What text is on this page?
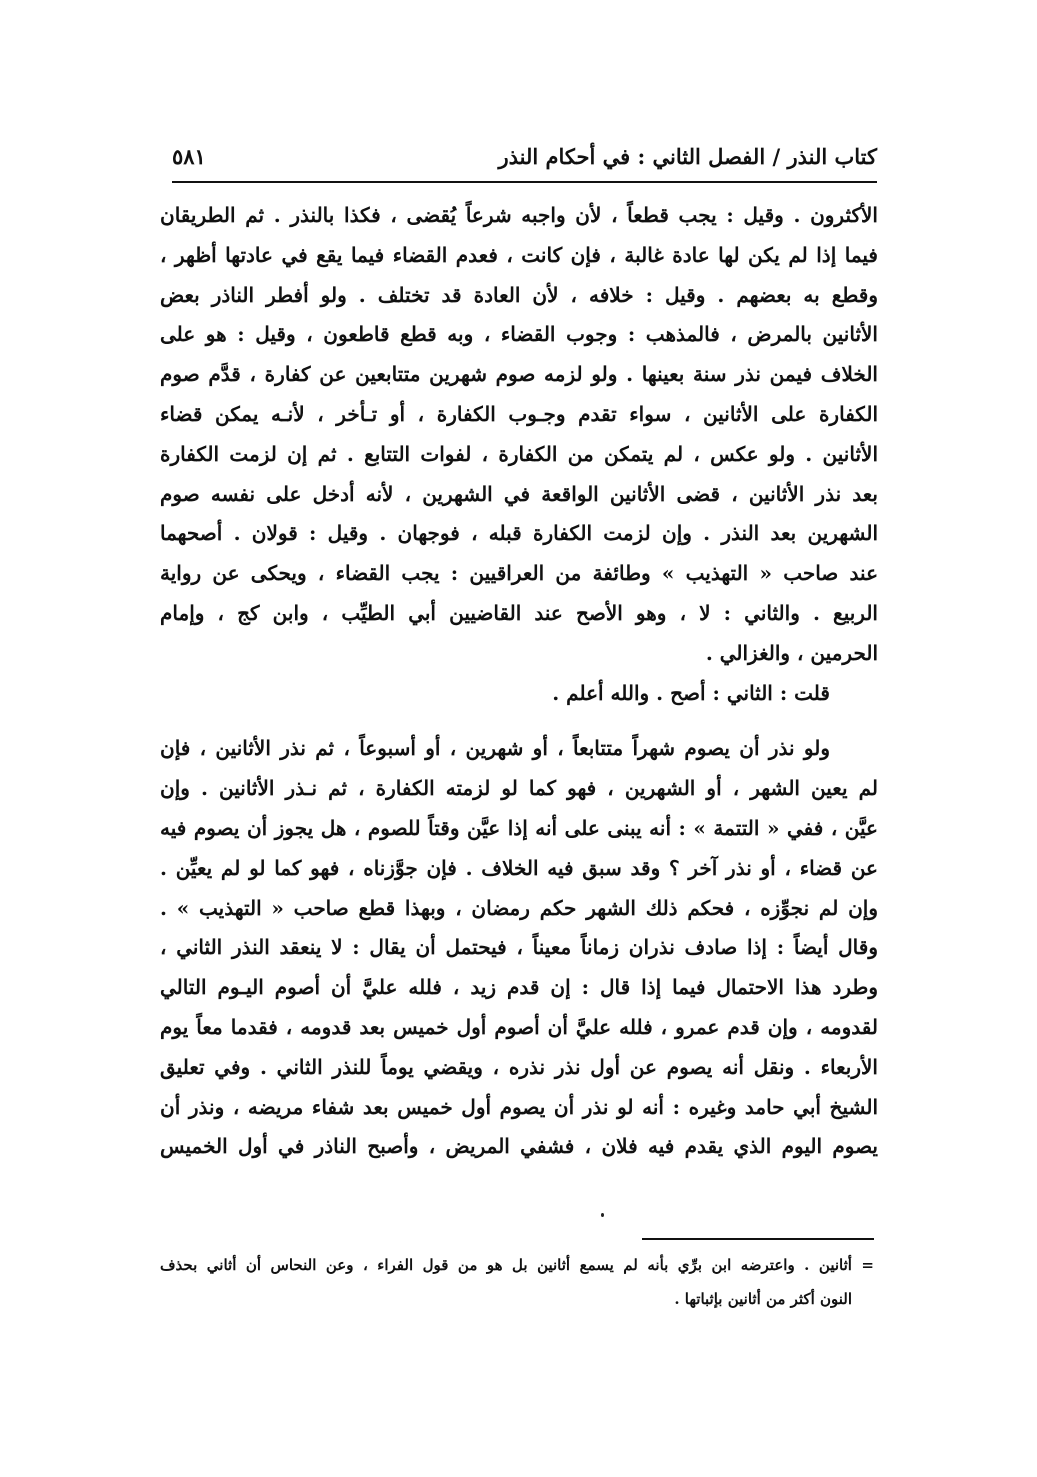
كتاب النذر / الفصل الثاني : في أحكام النذر
٥٨١
الأكثرون . وقيل : يجب قطعاً ، لأن واجبه شرعاً يُقضى ، فكذا بالنذر . ثم الطريقان
فيما إذا لم يكن لها عادة غالبة ، فإن كانت ، فعدم القضاء فيما يقع في عادتها أظهر ،
وقطع به بعضهم . وقيل : خلافه ، لأن العادة قد تختلف . ولو أفطر الناذر بعض
الأثانين بالمرض ، فالمذهب : وجوب القضاء ، وبه قطع قاطعون ، وقيل : هو على
الخلاف فيمن نذر سنة بعينها . ولو لزمه صوم شهرين متتابعين عن كفارة ، قدَّم صوم
الكفارة على الأثانين ، سواء تقدم وجـوب الكفارة ، أو تـأخر ، لأنـه يمكن قضاء
الأثانين . ولو عكس ، لم يتمكن من الكفارة ، لفوات التتابع . ثم إن لزمت الكفارة
بعد نذر الأثانين ، قضى الأثانين الواقعة في الشهرين ، لأنه أدخل على نفسه صوم
الشهرين بعد النذر . وإن لزمت الكفارة قبله ، فوجهان . وقيل : قولان . أصحهما
عند صاحب « التهذيب » وطائفة من العراقيين : يجب القضاء ، ويحكى عن رواية
الربيع . والثاني : لا ، وهو الأصح عند القاضيين أبي الطيِّب ، وابن كج ، وإمام
الحرمين ، والغزالي .
قلت : الثاني : أصح . والله أعلم .
ولو نذر أن يصوم شهراً متتابعاً ، أو شهرين ، أو أسبوعاً ، ثم نذر الأثانين ، فإن
لم يعين الشهر ، أو الشهرين ، فهو كما لو لزمته الكفارة ، ثم نـذر الأثانين . وإن
عيَّن ، ففي « التتمة » : أنه يبنى على أنه إذا عيَّن وقتاً للصوم ، هل يجوز أن يصوم فيه
عن قضاء ، أو نذر آخر ؟ وقد سبق فيه الخلاف . فإن جوَّزناه ، فهو كما لو لم يعيِّن .
وإن لم نجوِّزه ، فحكم ذلك الشهر حكم رمضان ، وبهذا قطع صاحب « التهذيب » .
وقال أيضاً : إذا صادف نذران زماناً معيناً ، فيحتمل أن يقال : لا ينعقد النذر الثاني ،
وطرد هذا الاحتمال فيما إذا قال : إن قدم زيد ، فلله عليَّ أن أصوم اليـوم التالي
لقدومه ، وإن قدم عمرو ، فلله عليَّ أن أصوم أول خميس بعد قدومه ، فقدما معاً يوم
الأربعاء . ونقل أنه يصوم عن أول نذر نذره ، ويقضي يوماً للنذر الثاني . وفي تعليق
الشيخ أبي حامد وغيره : أنه لو نذر أن يصوم أول خميس بعد شفاء مريضه ، ونذر أن
يصوم اليوم الذي يقدم فيه فلان ، فشفي المريض ، وأصبح الناذر في أول الخميس
= أثانين . واعترضه ابن برِّي بأنه لم يسمع أثانين بل هو من قول الفراء ، وعن النحاس أن أثاني بحذف
النون أكثر من أثانين بإثباتها .
